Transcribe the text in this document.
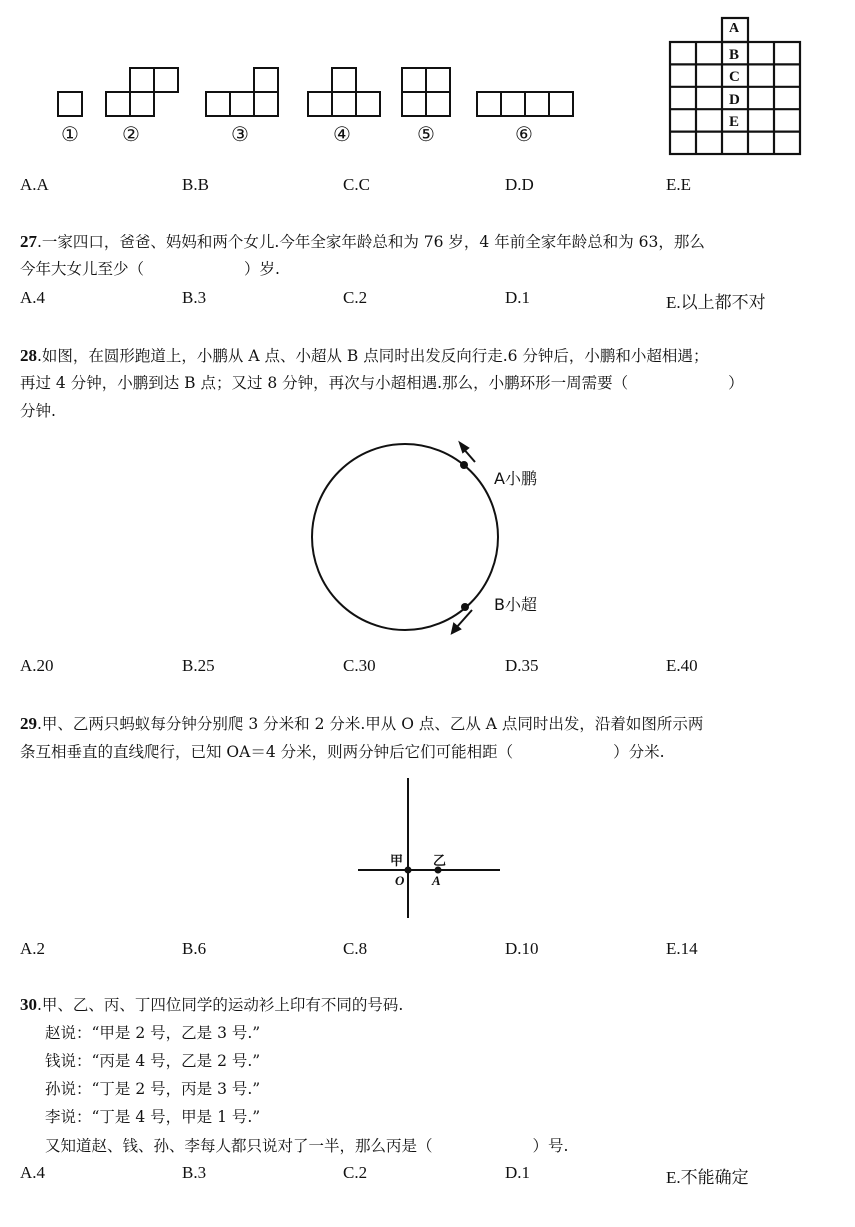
① ②	③	④	⑤	⑥
A
B
C
D
E
A.A	B.B	C.C	D.D	E.E
27.一家四口，爸爸、妈妈和两个女儿.今年全家年龄总和为 76 岁，4 年前全家年龄总和为 63，那么
今年大女儿至少（	）岁.
A.4	B.3	C.2	D.1	E.以上都不对
28.如图，在圆形跑道上，小鹏从 A 点、小超从 B 点同时出发反向行走.6 分钟后，小鹏和小超相遇；
再过 4 分钟，小鹏到达 B 点；又过 8 分钟，再次与小超相遇.那么，小鹏环形一周需要（	）
分钟.
A小鹏
B小超
A.20	B.25	C.30	D.35	E.40
29.甲、乙两只蚂蚁每分钟分别爬 3 分米和 2 分米.甲从 O 点、乙从 A 点同时出发，沿着如图所示两
条互相垂直的直线爬行，已知 OA＝4 分米，则两分钟后它们可能相距（	）分米.
甲 乙
O A
A.2	B.6	C.8	D.10	E.14
30.甲、乙、丙、丁四位同学的运动衫上印有不同的号码.
赵说：“甲是 2 号，乙是 3 号.”
钱说：“丙是 4 号，乙是 2 号.”
孙说：“丁是 2 号，丙是 3 号.”
李说：“丁是 4 号，甲是 1 号.”
又知道赵、钱、孙、李每人都只说对了一半，那么丙是（	）号.
A.4	B.3	C.2	D.1	E.不能确定
